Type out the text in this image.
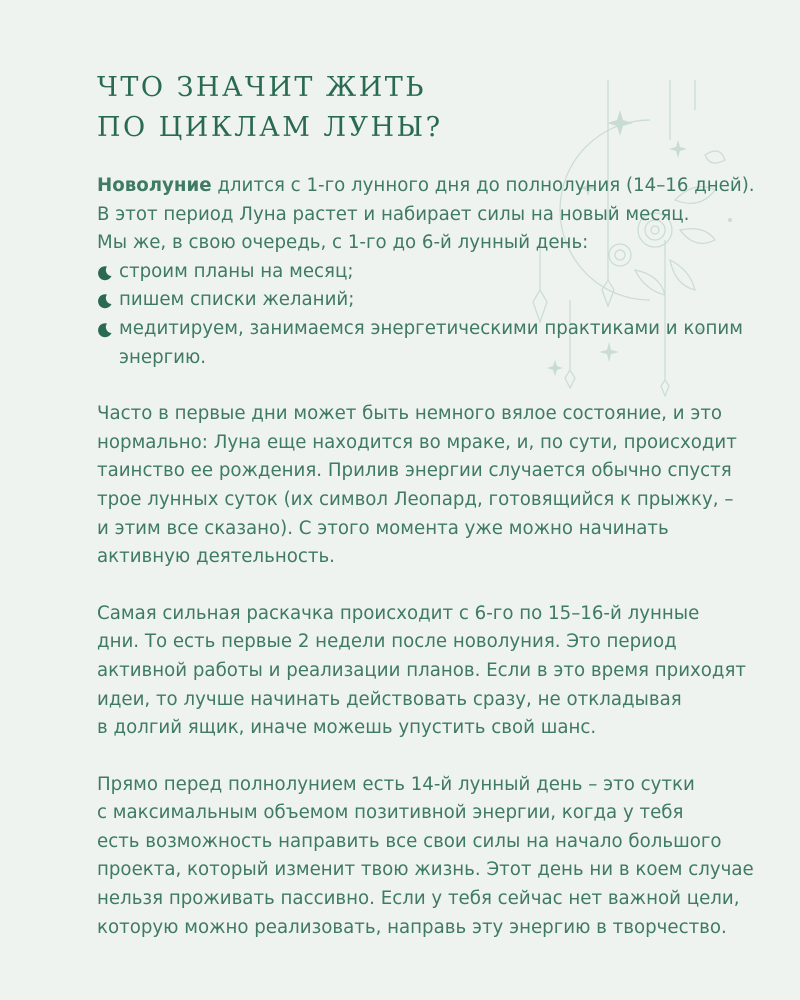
ЧТО ЗНАЧИТ ЖИТЬ
ПО ЦИКЛАМ ЛУНЫ?

Новолуние длится с 1-го лунного дня до полнолуния (14–16 дней).
В этот период Луна растет и набирает силы на новый месяц.
Мы же, в свою очередь, с 1-го до 6-й лунный день:
строим планы на месяц;
пишем списки желаний;
медитируем, занимаемся энергетическими практиками и копим
энергию.

Часто в первые дни может быть немного вялое состояние, и это
нормально: Луна еще находится во мраке, и, по сути, происходит
таинство ее рождения. Прилив энергии случается обычно спустя
трое лунных суток (их символ Леопард, готовящийся к прыжку, –
и этим все сказано). С этого момента уже можно начинать
активную деятельность.

Самая сильная раскачка происходит с 6-го по 15–16-й лунные
дни. То есть первые 2 недели после новолуния. Это период
активной работы и реализации планов. Если в это время приходят
идеи, то лучше начинать действовать сразу, не откладывая
в долгий ящик, иначе можешь упустить свой шанс.

Прямо перед полнолунием есть 14-й лунный день – это сутки
с максимальным объемом позитивной энергии, когда у тебя
есть возможность направить все свои силы на начало большого
проекта, который изменит твою жизнь. Этот день ни в коем случае
нельзя проживать пассивно. Если у тебя сейчас нет важной цели,
которую можно реализовать, направь эту энергию в творчество.
